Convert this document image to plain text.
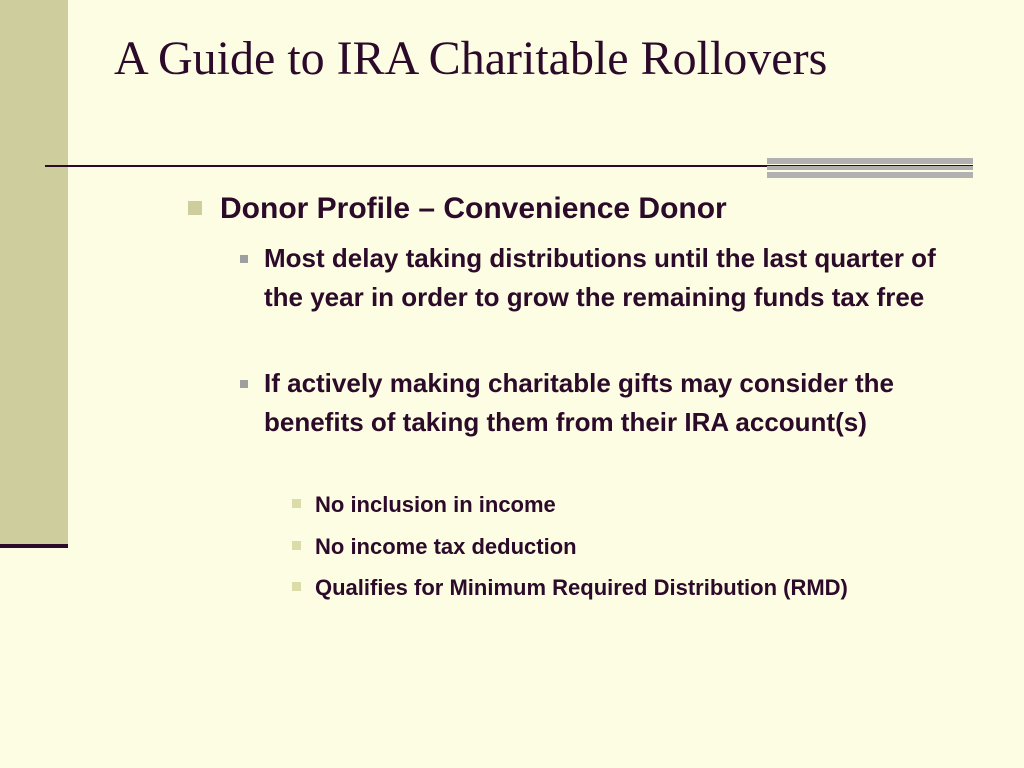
A Guide to IRA Charitable Rollovers
Donor Profile – Convenience Donor
Most delay taking distributions until the last quarter of the year in order to grow the remaining funds tax free
If actively making charitable gifts may consider the benefits of taking them from their IRA account(s)
No inclusion in income
No income tax deduction
Qualifies for Minimum Required Distribution (RMD)
